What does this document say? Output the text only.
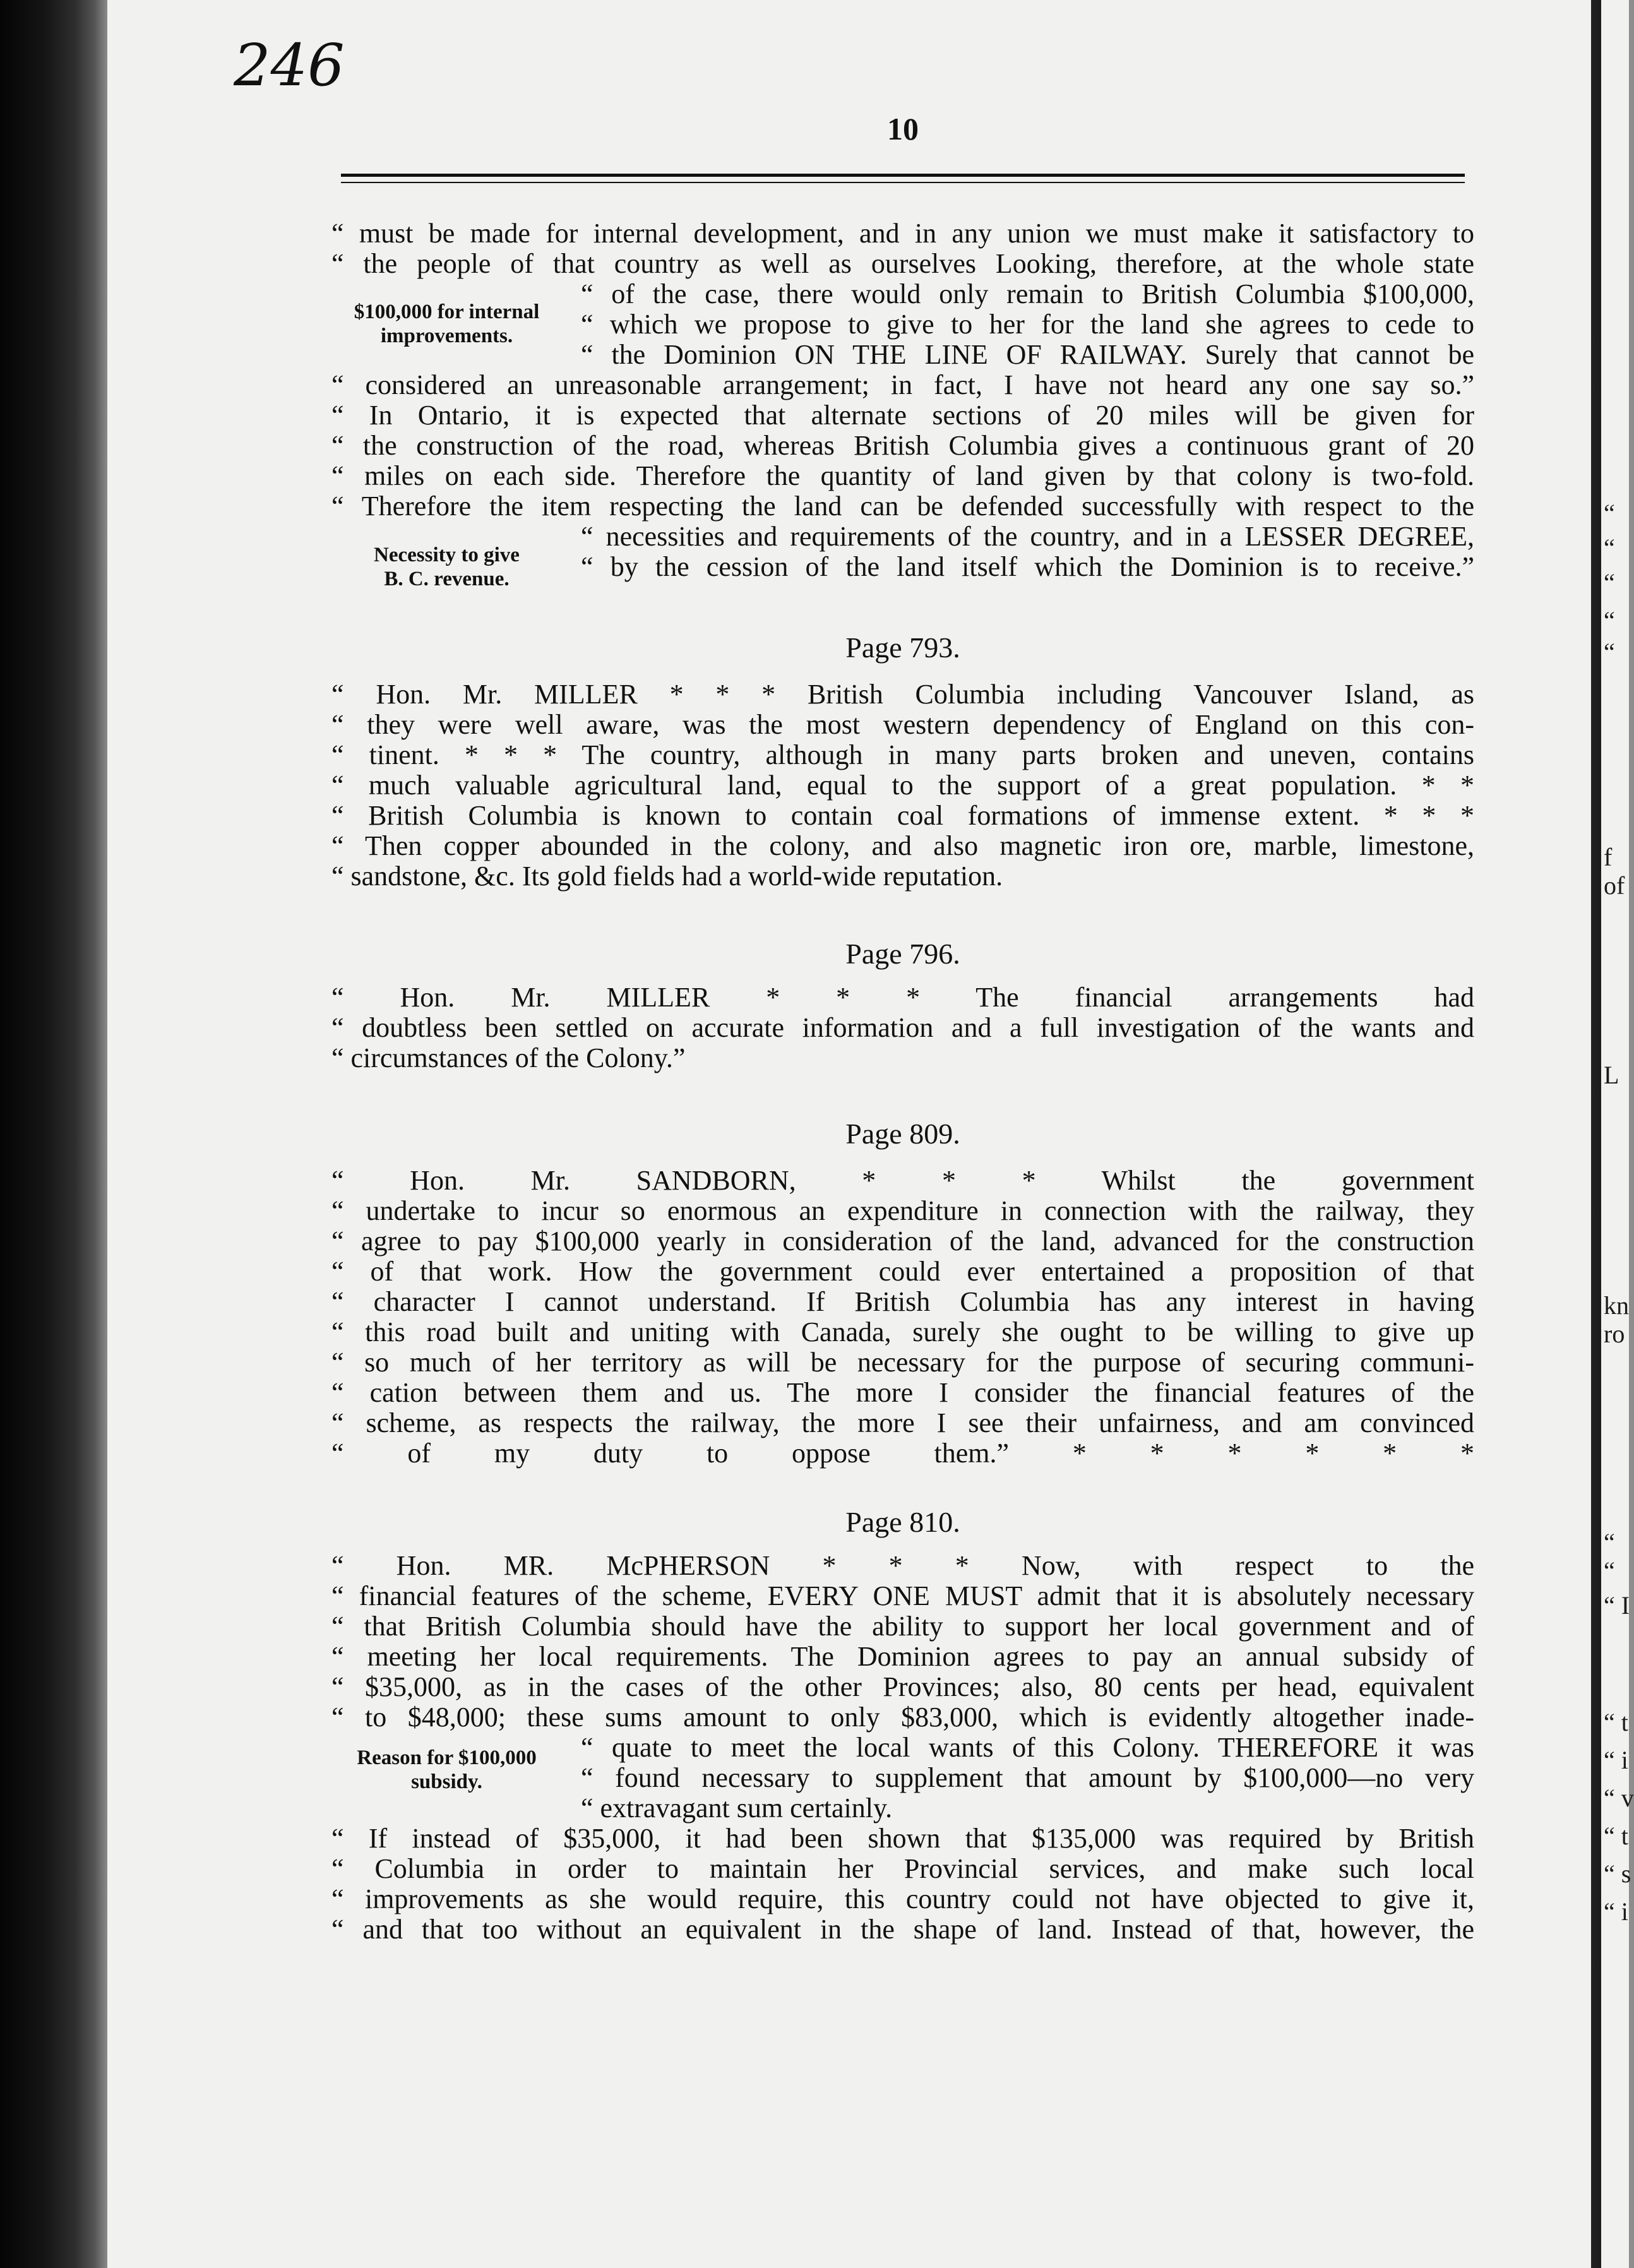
246
10
“ must be made for internal development, and in any union we must make it satisfactory to
“ the people of that country as well as ourselves Looking, therefore, at the whole state
“ of the case, there would only remain to British Columbia $100,000,
“ which we propose to give to her for the land she agrees to cede to
“ the Dominion ON THE LINE OF RAILWAY. Surely that cannot be
“ considered an unreasonable arrangement; in fact, I have not heard any one say so.”
“ In Ontario, it is expected that alternate sections of 20 miles will be given for
“ the construction of the road, whereas British Columbia gives a continuous grant of 20
“ miles on each side. Therefore the quantity of land given by that colony is two-fold.
“ Therefore the item respecting the land can be defended successfully with respect to the
“ necessities and requirements of the country, and in a LESSER DEGREE,
“ by the cession of the land itself which the Dominion is to receive.”
$100,000 for internal
improvements.
Necessity to give
B. C. revenue.
Page 793.
“ Hon. Mr. MILLER * * * British Columbia including Vancouver Island, as
“ they were well aware, was the most western dependency of England on this con-
“ tinent. * * * The country, although in many parts broken and uneven, contains
“ much valuable agricultural land, equal to the support of a great population. * *
“ British Columbia is known to contain coal formations of immense extent. * * *
“ Then copper abounded in the colony, and also magnetic iron ore, marble, limestone,
“ sandstone, &c. Its gold fields had a world-wide reputation.
Page 796.
“ Hon. Mr. MILLER * * * The financial arrangements had
“ doubtless been settled on accurate information and a full investigation of the wants and
“ circumstances of the Colony.”
Page 809.
“ Hon. Mr. SANDBORN, * * * Whilst the government
“ undertake to incur so enormous an expenditure in connection with the railway, they
“ agree to pay $100,000 yearly in consideration of the land, advanced for the construction
“ of that work. How the government could ever entertained a proposition of that
“ character I cannot understand. If British Columbia has any interest in having
“ this road built and uniting with Canada, surely she ought to be willing to give up
“ so much of her territory as will be necessary for the purpose of securing communi-
“ cation between them and us. The more I consider the financial features of the
“ scheme, as respects the railway, the more I see their unfairness, and am convinced
“ of my duty to oppose them.” * * * * * *
Page 810.
“ Hon. MR. McPHERSON * * * Now, with respect to the
“ financial features of the scheme, EVERY ONE MUST admit that it is absolutely necessary
“ that British Columbia should have the ability to support her local government and of
“ meeting her local requirements. The Dominion agrees to pay an annual subsidy of
“ $35,000, as in the cases of the other Provinces; also, 80 cents per head, equivalent
“ to $48,000; these sums amount to only $83,000, which is evidently altogether inade-
“ quate to meet the local wants of this Colony. THEREFORE it was
“ found necessary to supplement that amount by $100,000—no very
“ extravagant sum certainly.
“ If instead of $35,000, it had been shown that $135,000 was required by British
“ Columbia in order to maintain her Provincial services, and make such local
“ improvements as she would require, this country could not have objected to give it,
“ and that too without an equivalent in the shape of land. Instead of that, however, the
Reason for $100,000
subsidy.
“
“
“
“
“
f
of
L
kn
ro
“
“
“ I
“ t
“ i
“ v
“ t
“ s
“ i
